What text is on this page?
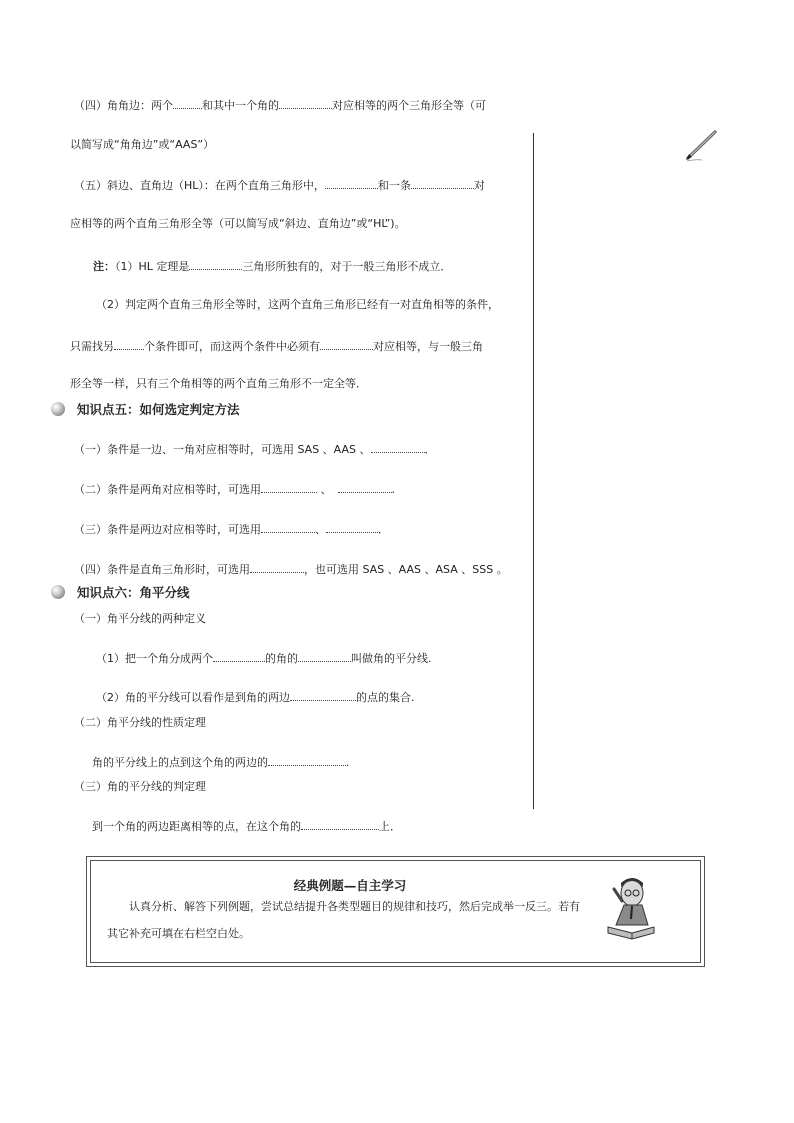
（四）角角边：两个	和其中一个角的	对应相等的两个三角形全等（可
以简写成“角角边”或“AAS”）
（五）斜边、直角边（HL）：在两个直角三角形中，	和一条	对
应相等的两个直角三角形全等（可以简写成“斜边、直角边”或“HL”)。
注：（1）HL 定理是	三角形所独有的，对于一般三角形不成立．
（2）判定两个直角三角形全等时，这两个直角三角形已经有一对直角相等的条件，
只需找另	个条件即可，而这两个条件中必须有	对应相等，与一般三角
形全等一样，只有三个角相等的两个直角三角形不一定全等．
知识点五：如何选定判定方法
（一）条件是一边、一角对应相等时，可选用 SAS 、AAS 、	．
（二）条件是两角对应相等时，可选用	、	.
（三）条件是两边对应相等时，可选用	、	．
（四）条件是直角三角形时，可选用	，也可选用 SAS 、AAS 、ASA 、SSS 。
知识点六：角平分线
（一）角平分线的两种定义
（1）把一个角分成两个	的角的	叫做角的平分线.
（2）角的平分线可以看作是到角的两边	的点的集合.
（二）角平分线的性质定理
角的平分线上的点到这个角的两边的	.
（三）角的平分线的判定理
到一个角的两边距离相等的点，在这个角的	上．
经典例题—自主学习
认真分析、解答下列例题，尝试总结提升各类型题目的规律和技巧，然后完成举一反三。若有其它补充可填在右栏空白处。
